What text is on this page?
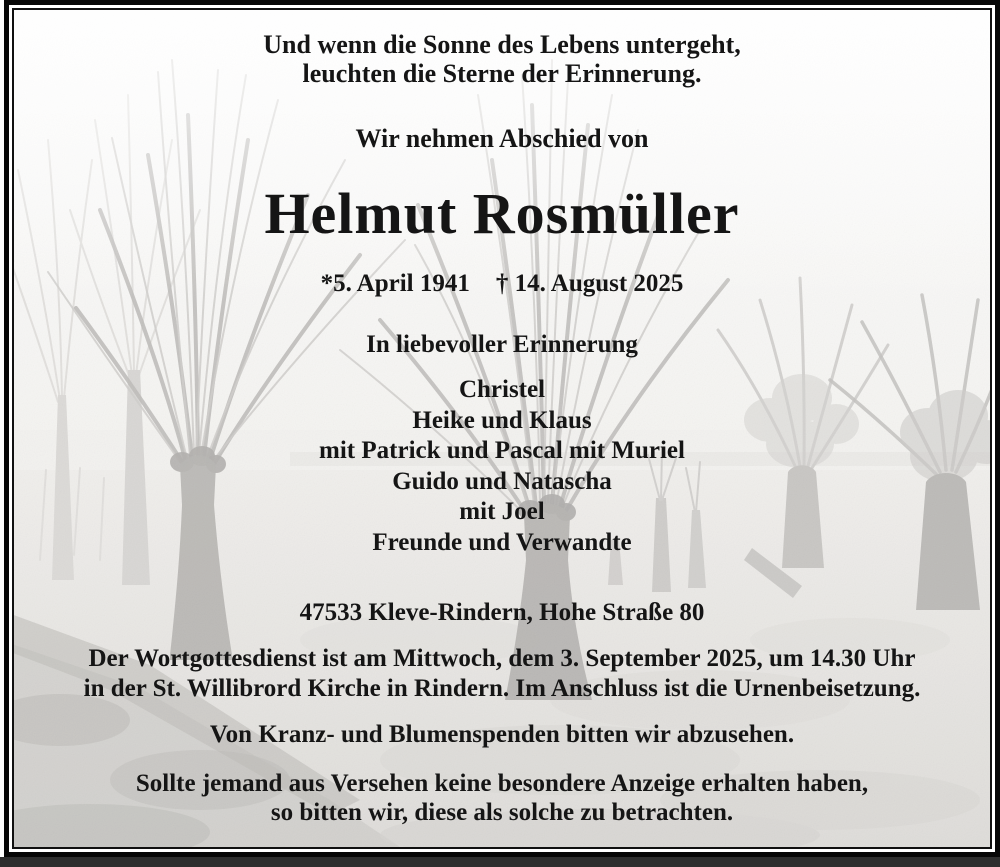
Und wenn die Sonne des Lebens untergeht,
leuchten die Sterne der Erinnerung.
Wir nehmen Abschied von
Helmut Rosmüller
*5. April 1941 † 14. August 2025
In liebevoller Erinnerung
Christel
Heike und Klaus
mit Patrick und Pascal mit Muriel
Guido und Natascha
mit Joel
Freunde und Verwandte
47533 Kleve-Rindern, Hohe Straße 80
Der Wortgottesdienst ist am Mittwoch, dem 3. September 2025, um 14.30 Uhr
in der St. Willibrord Kirche in Rindern. Im Anschluss ist die Urnenbeisetzung.
Von Kranz- und Blumenspenden bitten wir abzusehen.
Sollte jemand aus Versehen keine besondere Anzeige erhalten haben,
so bitten wir, diese als solche zu betrachten.
